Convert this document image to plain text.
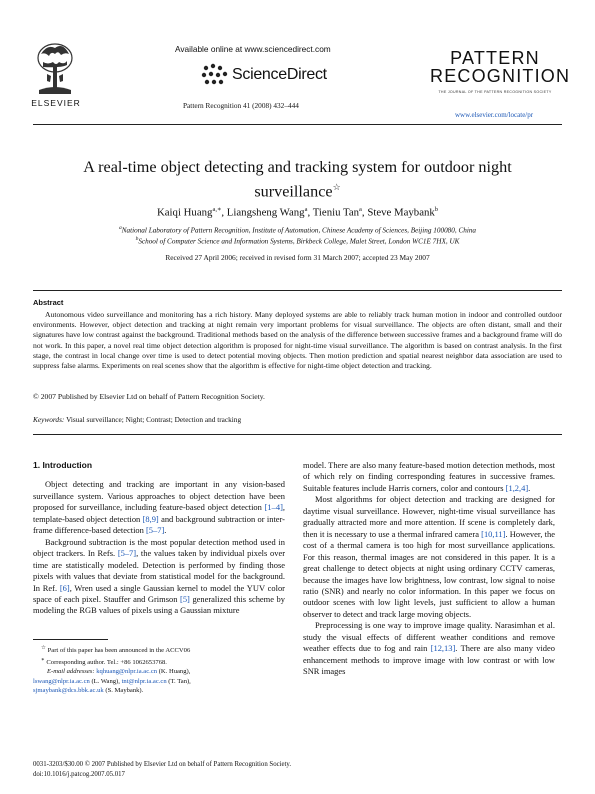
ELSEVIER
Available online at www.sciencedirect.com
ScienceDirect
Pattern Recognition 41 (2008) 432–444
PATTERN RECOGNITION
THE JOURNAL OF THE PATTERN RECOGNITION SOCIETY
www.elsevier.com/locate/pr
A real-time object detecting and tracking system for outdoor night
surveillance☆
Kaiqi Huang$^{a,∗}$, Liangsheng Wang$^a$, Tieniu Tan$^a$, Steve Maybank$^b$
$^a$National Laboratory of Pattern Recognition, Institute of Automation, Chinese Academy of Sciences, Beijing 100080, China
$^b$School of Computer Science and Information Systems, Birkbeck College, Malet Street, London WC1E 7HX, UK
Received 27 April 2006; received in revised form 31 March 2007; accepted 23 May 2007
Abstract
Autonomous video surveillance and monitoring has a rich history. Many deployed systems are able to reliably track human motion in indoor and controlled outdoor environments. However, object detection and tracking at night remain very important problems for visual surveillance. The objects are often distant, small and their signatures have low contrast against the background. Traditional methods based on the analysis of the difference between successive frames and a background frame will do not work. In this paper, a novel real time object detection algorithm is proposed for night-time visual surveillance. The algorithm is based on contrast analysis. In the first stage, the contrast in local change over time is used to detect potential moving objects. Then motion prediction and spatial nearest neighbor data association are used to suppress false alarms. Experiments on real scenes show that the algorithm is effective for night-time object detection and tracking.
© 2007 Published by Elsevier Ltd on behalf of Pattern Recognition Society.
Keywords: Visual surveillance; Night; Contrast; Detection and tracking
1. Introduction

Object detecting and tracking are important in any vision-based surveillance system. Various approaches to object detection have been proposed for surveillance, including feature-based object detection [1–4], template-based object detection [8,9] and background subtraction or inter-frame difference-based detection [5–7].

Background subtraction is the most popular detection method used in object trackers. In Refs. [5–7], the values taken by individual pixels over time are statistically modeled. Detection is performed by finding those pixels with values that deviate from statistical model for the background. In Ref. [6], Wren used a single Gaussian kernel to model the YUV color space of each pixel. Stauffer and Grimson [5] generalized this scheme by modeling the RGB values of pixels using a Gaussian mixture

model. There are also many feature-based motion detection methods, most of which rely on finding corresponding features in successive frames. Suitable features include Harris corners, color and contours [1,2,4].

Most algorithms for object detection and tracking are designed for daytime visual surveillance. However, night-time visual surveillance has gradually attracted more and more attention. If scene is completely dark, then it is necessary to use a thermal infrared camera [10,11]. However, the cost of a thermal camera is too high for most surveillance applications. For this reason, thermal images are not considered in this paper. It is a great challenge to detect objects at night using ordinary CCTV cameras, because the images have low brightness, low contrast, low signal to noise ratio (SNR) and nearly no color information. In this paper we focus on outdoor scenes with low light levels, just sufficient to allow a human observer to detect and track large moving objects.

Preprocessing is one way to improve image quality. Narasimhan et al. study the visual effects of different weather conditions and remove weather effects due to fog and rain [12,13]. There are also many video enhancement methods to improve image with low contrast or with low SNR images

☆ Part of this paper has been announced in the ACCV06
∗ Corresponding author. Tel.: +86 1062653768.
E-mail addresses: kqhuang@nlpr.ia.ac.cn (K. Huang),
lswang@nlpr.ia.ac.cn (L. Wang), tnt@nlpr.ia.ac.cn (T. Tan),
sjmaybank@dcs.bbk.ac.uk (S. Maybank).
0031-3203/$30.00 © 2007 Published by Elsevier Ltd on behalf of Pattern Recognition Society.
doi:10.1016/j.patcog.2007.05.017
